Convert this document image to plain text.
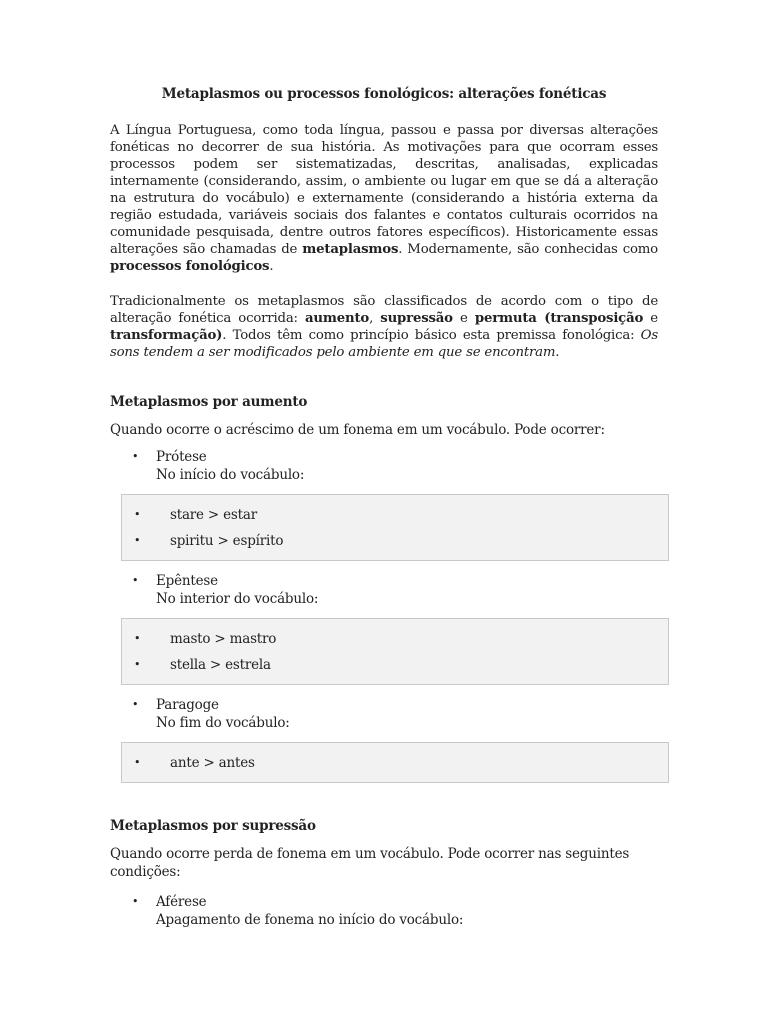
Metaplasmos ou processos fonológicos: alterações fonéticas

A Língua Portuguesa, como toda língua, passou e passa por diversas alterações fonéticas no decorrer de sua história. As motivações para que ocorram esses processos podem ser sistematizadas, descritas, analisadas, explicadas internamente (considerando, assim, o ambiente ou lugar em que se dá a alteração na estrutura do vocábulo) e externamente (considerando a história externa da região estudada, variáveis sociais dos falantes e contatos culturais ocorridos na comunidade pesquisada, dentre outros fatores específicos). Historicamente essas alterações são chamadas de metaplasmos. Modernamente, são conhecidas como processos fonológicos.

Tradicionalmente os metaplasmos são classificados de acordo com o tipo de alteração fonética ocorrida: aumento, supressão e permuta (transposição e transformação). Todos têm como princípio básico esta premissa fonológica: Os sons tendem a ser modificados pelo ambiente em que se encontram.

Metaplasmos por aumento

Quando ocorre o acréscimo de um fonema em um vocábulo. Pode ocorrer:

• Prótese
No início do vocábulo:
• stare > estar
• spiritu > espírito
• Epêntese
No interior do vocábulo:
• masto > mastro
• stella > estrela
• Paragoge
No fim do vocábulo:
• ante > antes
Metaplasmos por supressão

Quando ocorre perda de fonema em um vocábulo. Pode ocorrer nas seguintes condições:

• Aférese
Apagamento de fonema no início do vocábulo:
